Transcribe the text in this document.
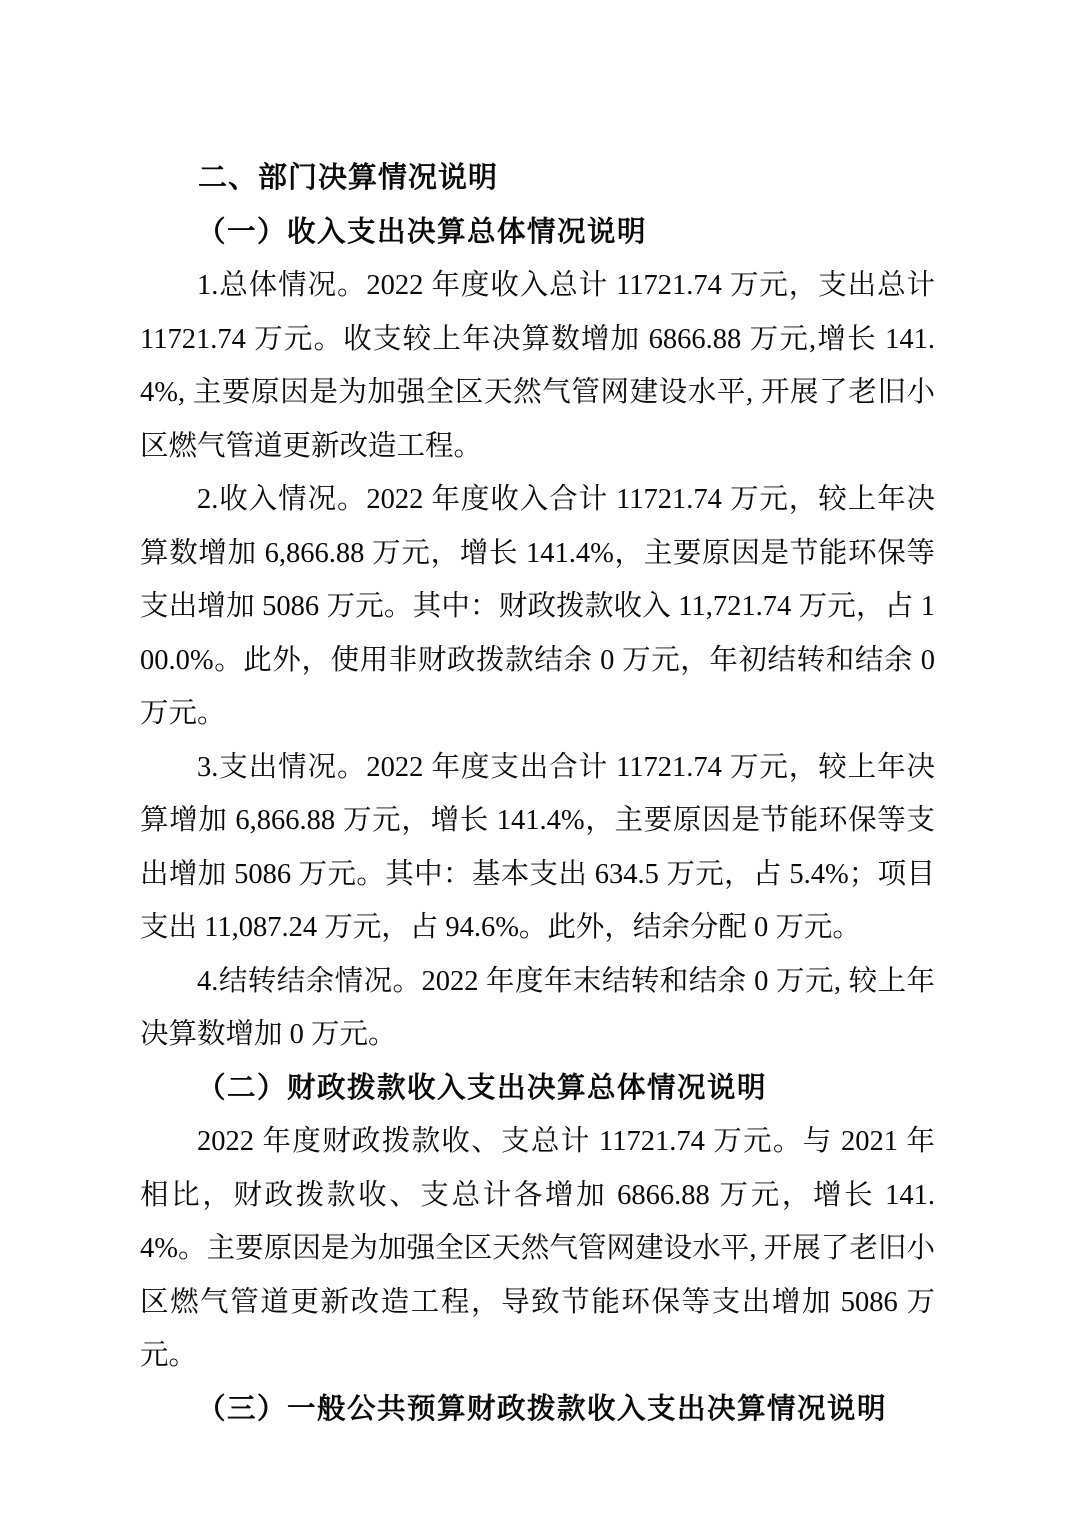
二、部门决算情况说明

（一）收入支出决算总体情况说明

1.总体情况。2022 年度收入总计 11721.74 万元，支出总计 11721.74 万元。收支较上年决算数增加 6866.88 万元,增长 141.4%, 主要原因是为加强全区天然气管网建设水平, 开展了老旧小区燃气管道更新改造工程。

2.收入情况。2022 年度收入合计 11721.74 万元，较上年决算数增加 6,866.88 万元，增长 141.4%，主要原因是节能环保等支出增加 5086 万元。其中：财政拨款收入 11,721.74 万元，占 100.0%。此外，使用非财政拨款结余 0 万元，年初结转和结余 0 万元。

3.支出情况。2022 年度支出合计 11721.74 万元，较上年决算增加 6,866.88 万元，增长 141.4%，主要原因是节能环保等支出增加 5086 万元。其中：基本支出 634.5 万元，占 5.4%；项目支出 11,087.24 万元，占 94.6%。此外，结余分配 0 万元。

4.结转结余情况。2022 年度年末结转和结余 0 万元, 较上年决算数增加 0 万元。

（二）财政拨款收入支出决算总体情况说明

2022 年度财政拨款收、支总计 11721.74 万元。与 2021 年相比，财政拨款收、支总计各增加 6866.88 万元，增长 141.4%。主要原因是为加强全区天然气管网建设水平, 开展了老旧小区燃气管道更新改造工程，导致节能环保等支出增加 5086 万元。

（三）一般公共预算财政拨款收入支出决算情况说明
